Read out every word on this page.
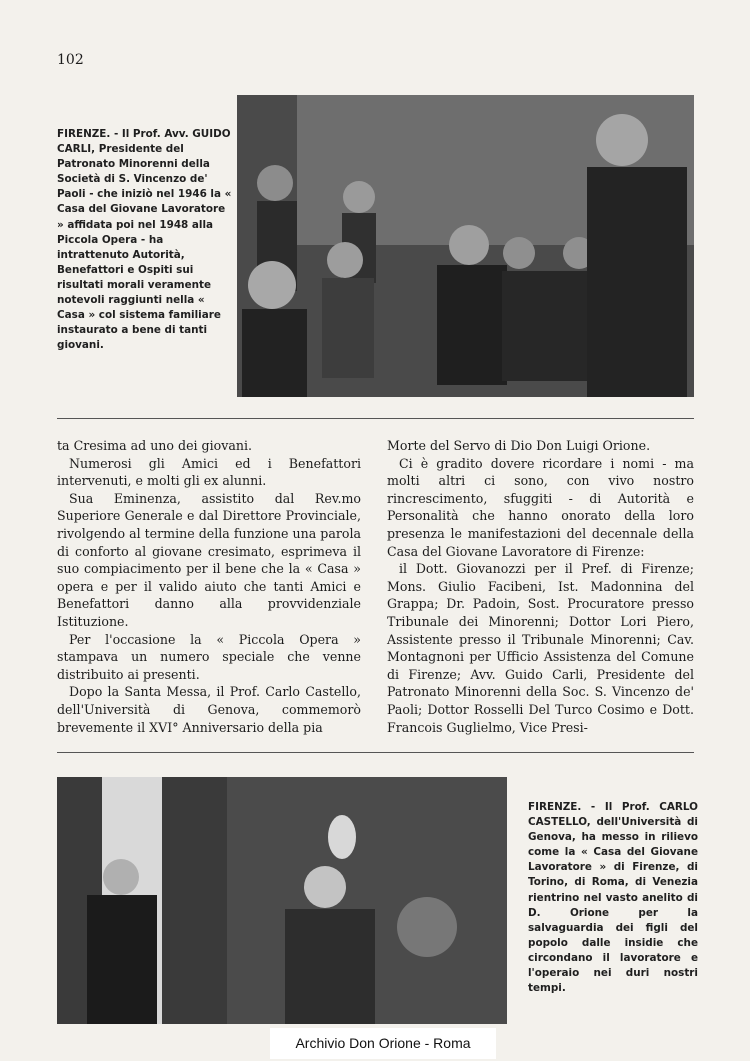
102
FIRENZE. - Il Prof. Avv. GUIDO CARLI, Presidente del Patronato Minorenni della Società di S. Vincenzo de' Paoli - che iniziò nel 1946 la « Casa del Giovane Lavoratore » affidata poi nel 1948 alla Piccola Opera - ha intrattenuto Autorità, Benefattori e Ospiti sui risultati morali veramente notevoli raggiunti nella « Casa » col sistema familiare instaurato a bene di tanti giovani.

ta Cresima ad uno dei giovani.

Numerosi gli Amici ed i Benefattori intervenuti, e molti gli ex alunni.

Sua Eminenza, assistito dal Rev.mo Superiore Generale e dal Direttore Provinciale, rivolgendo al termine della funzione una parola di conforto al giovane cresimato, esprimeva il suo compiacimento per il bene che la « Casa » opera e per il valido aiuto che tanti Amici e Benefattori danno alla provvidenziale Istituzione.

Per l'occasione la « Piccola Opera » stampava un numero speciale che venne distribuito ai presenti.

Dopo la Santa Messa, il Prof. Carlo Castello, dell'Università di Genova, commemorò brevemente il XVI° Anniversario della pia

Morte del Servo di Dio Don Luigi Orione.

Ci è gradito dovere ricordare i nomi - ma molti altri ci sono, con vivo nostro rincrescimento, sfuggiti - di Autorità e Personalità che hanno onorato della loro presenza le manifestazioni del decennale della Casa del Giovane Lavoratore di Firenze:

il Dott. Giovanozzi per il Pref. di Firenze; Mons. Giulio Facibeni, Ist. Madonnina del Grappa; Dr. Padoin, Sost. Procuratore presso Tribunale dei Minorenni; Dottor Lori Piero, Assistente presso il Tribunale Minorenni; Cav. Montagnoni per Ufficio Assistenza del Comune di Firenze; Avv. Guido Carli, Presidente del Patronato Minorenni della Soc. S. Vincenzo de' Paoli; Dottor Rosselli Del Turco Cosimo e Dott. Francois Guglielmo, Vice Presi-

FIRENZE. - Il Prof. CARLO CASTELLO, dell'Università di Genova, ha messo in rilievo come la « Casa del Giovane Lavoratore » di Firenze, di Torino, di Roma, di Venezia rientrino nel vasto anelito di D. Orione per la salvaguardia dei figli del popolo dalle insidie che circondano il lavoratore e l'operaio nei duri nostri tempi.
Archivio Don Orione - Roma
